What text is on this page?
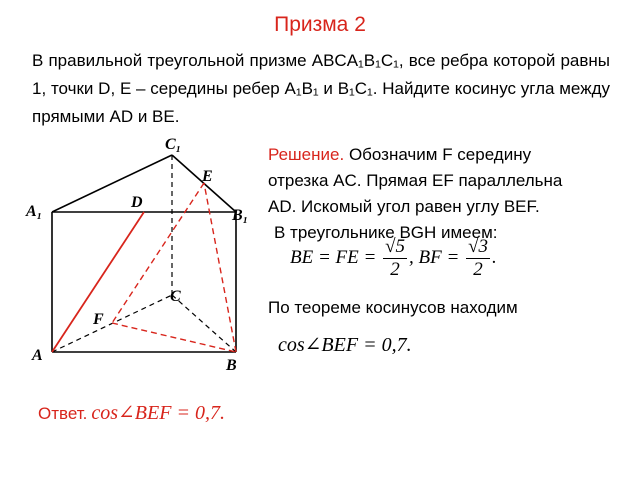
Призма 2
В правильной треугольной призме ABCA₁B₁C₁, все ребра которой равны 1, точки D, E – середины ребер A₁B₁ и B₁C₁. Найдите косинус угла между прямыми AD и BE.
C₁
E
A₁
D
B₁
C
F
A
B
Решение. Обозначим F середину
отрезка AC. Прямая EF параллельна
AD. Искомый угол равен углу BEF.
В треугольнике BGH имеем:
BE = FE = $\frac{√5}{2}$ , BF = $\frac{√3}{2}$ .
По теореме косинусов находим
cos∠BEF = 0,7.
Ответ. cos∠BEF = 0,7.
